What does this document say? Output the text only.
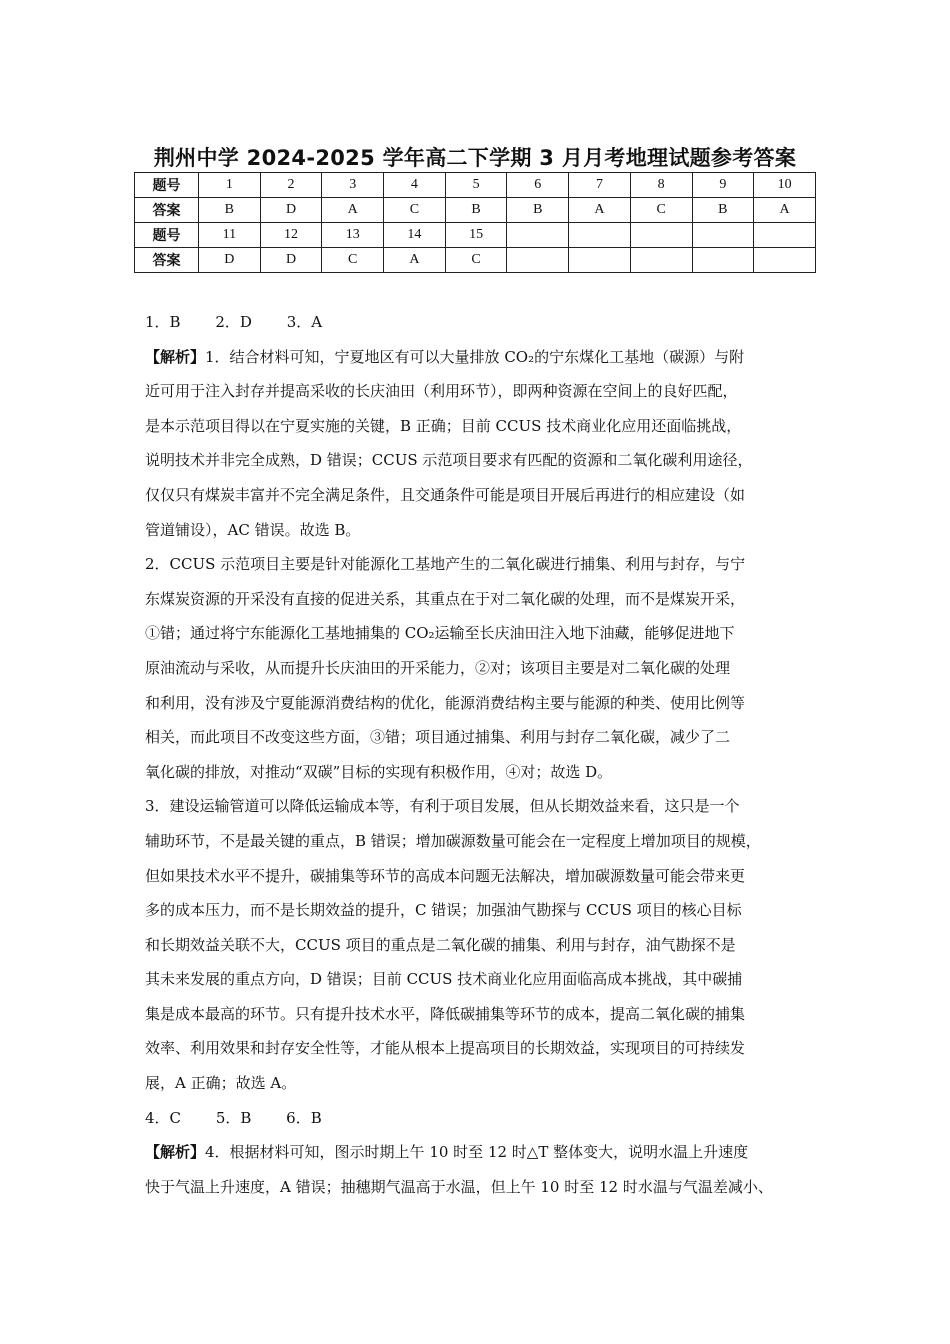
荆州中学 2024-2025 学年高二下学期 3 月月考地理试题参考答案
题号	1	2	3	4	5	6	7	8	9	10
答案	B	D	A	C	B	B	A	C	B	A
题号	11	12	13	14	15					
答案	D	D	C	A	C					

1．B 2．D 3．A

【解析】1．结合材料可知，宁夏地区有可以大量排放 CO₂的宁东煤化工基地（碳源）与附

近可用于注入封存并提高采收的长庆油田（利用环节），即两种资源在空间上的良好匹配，

是本示范项目得以在宁夏实施的关键，B 正确；目前 CCUS 技术商业化应用还面临挑战，

说明技术并非完全成熟，D 错误；CCUS 示范项目要求有匹配的资源和二氧化碳利用途径，

仅仅只有煤炭丰富并不完全满足条件，且交通条件可能是项目开展后再进行的相应建设（如

管道铺设），AC 错误。故选 B。

2．CCUS 示范项目主要是针对能源化工基地产生的二氧化碳进行捕集、利用与封存，与宁

东煤炭资源的开采没有直接的促进关系，其重点在于对二氧化碳的处理，而不是煤炭开采，

①错；通过将宁东能源化工基地捕集的 CO₂运输至长庆油田注入地下油藏，能够促进地下

原油流动与采收，从而提升长庆油田的开采能力，②对；该项目主要是对二氧化碳的处理

和利用，没有涉及宁夏能源消费结构的优化，能源消费结构主要与能源的种类、使用比例等

相关，而此项目不改变这些方面，③错；项目通过捕集、利用与封存二氧化碳，减少了二

氧化碳的排放，对推动“双碳”目标的实现有积极作用，④对；故选 D。

3．建设运输管道可以降低运输成本等，有利于项目发展，但从长期效益来看，这只是一个

辅助环节，不是最关键的重点，B 错误；增加碳源数量可能会在一定程度上增加项目的规模，

但如果技术水平不提升，碳捕集等环节的高成本问题无法解决，增加碳源数量可能会带来更

多的成本压力，而不是长期效益的提升，C 错误；加强油气勘探与 CCUS 项目的核心目标

和长期效益关联不大，CCUS 项目的重点是二氧化碳的捕集、利用与封存，油气勘探不是

其未来发展的重点方向，D 错误；目前 CCUS 技术商业化应用面临高成本挑战，其中碳捕

集是成本最高的环节。只有提升技术水平，降低碳捕集等环节的成本，提高二氧化碳的捕集

效率、利用效果和封存安全性等，才能从根本上提高项目的长期效益，实现项目的可持续发

展，A 正确；故选 A。

4．C 5．B 6．B

【解析】4．根据材料可知，图示时期上午 10 时至 12 时△T 整体变大，说明水温上升速度

快于气温上升速度，A 错误；抽穗期气温高于水温，但上午 10 时至 12 时水温与气温差减小、
